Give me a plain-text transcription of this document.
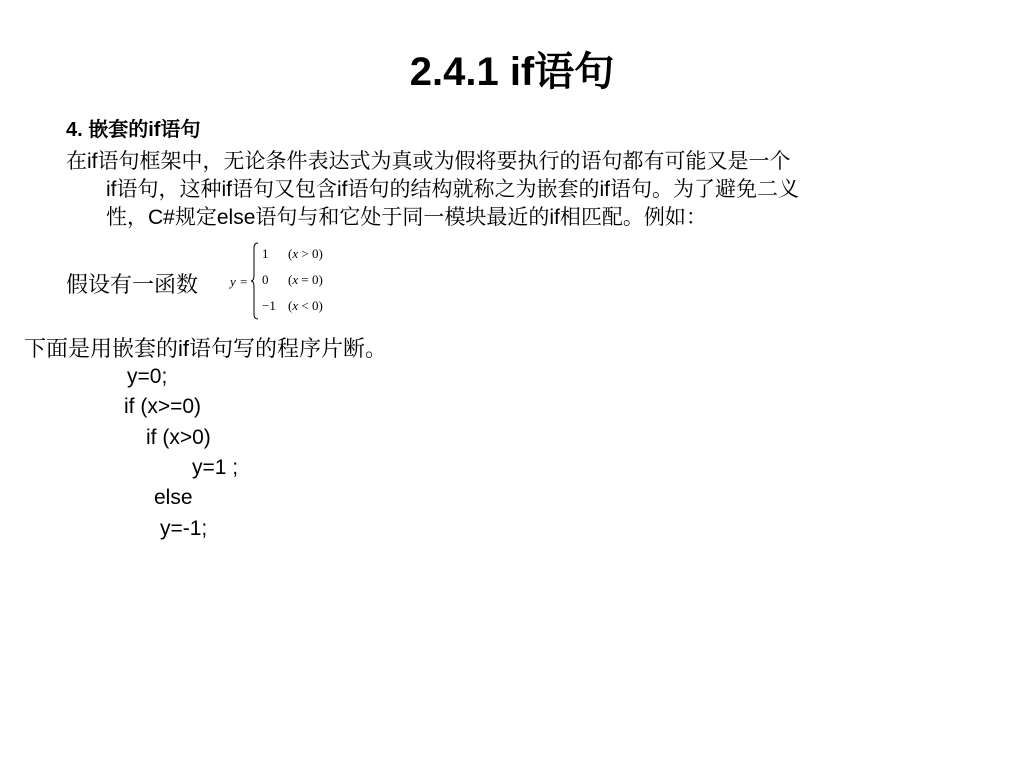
2.4.1 if语句
4. 嵌套的if语句
在if语句框架中，无论条件表达式为真或为假将要执行的语句都有可能又是一个
if语句，这种if语句又包含if语句的结构就称之为嵌套的if语句。为了避免二义
性，C#规定else语句与和它处于同一模块最近的if相匹配。例如：
假设有一函数 y =
1 (x > 0)
0 (x = 0)
−1 (x < 0)
下面是用嵌套的if语句写的程序片断。
y=0;
if (x>=0)
if (x>0)
y=1 ;
else
y=-1;
